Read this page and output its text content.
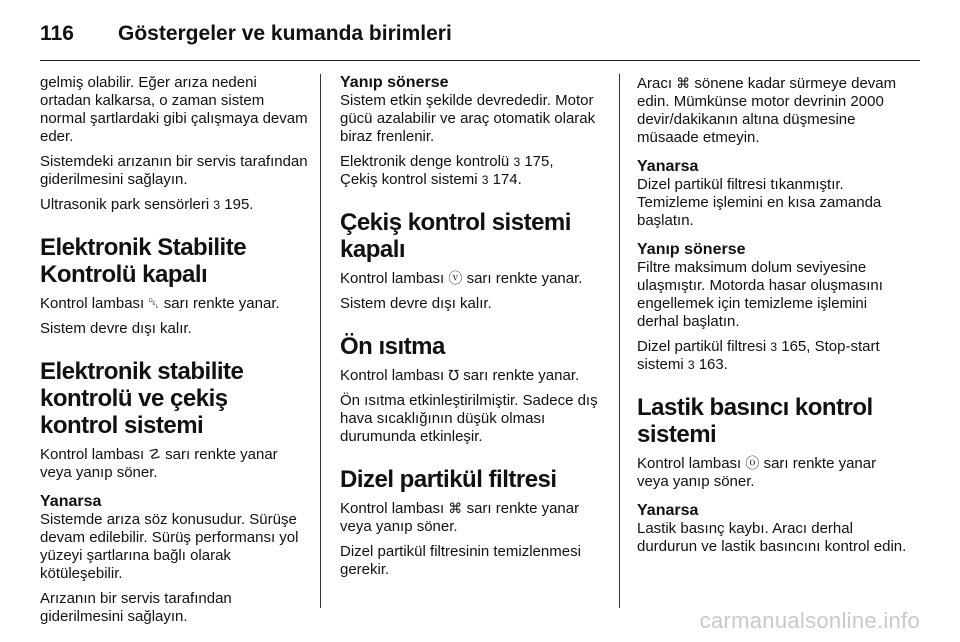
116 Göstergeler ve kumanda birimleri

gelmiş olabilir. Eğer arıza nedeni ortadan kalkarsa, o zaman sistem normal şartlardaki gibi çalışmaya devam eder.

Sistemdeki arızanın bir servis tarafından giderilmesini sağlayın.

Ultrasonik park sensörleri 3 195.

Elektronik Stabilite Kontrolü kapalı

Kontrol lambası ␡ sarı renkte yanar.

Sistem devre dışı kalır.

Elektronik stabilite kontrolü ve çekiş kontrol sistemi

Kontrol lambası ☡ sarı renkte yanar veya yanıp söner.

Yanarsa

Sistemde arıza söz konusudur. Sürüşe devam edilebilir. Sürüş performansı yol yüzeyi şartlarına bağlı olarak kötüleşebilir.

Arızanın bir servis tarafından giderilmesini sağlayın.

Yanıp sönerse

Sistem etkin şekilde devrededir. Motor gücü azalabilir ve araç otomatik olarak biraz frenlenir.

Elektronik denge kontrolü 3 175,
Çekiş kontrol sistemi 3 174.

Çekiş kontrol sistemi kapalı

Kontrol lambası ⓥ sarı renkte yanar.

Sistem devre dışı kalır.

Ön ısıtma

Kontrol lambası ℧ sarı renkte yanar.

Ön ısıtma etkinleştirilmiştir. Sadece dış hava sıcaklığının düşük olması durumunda etkinleşir.

Dizel partikül filtresi

Kontrol lambası ⌘ sarı renkte yanar veya yanıp söner.

Dizel partikül filtresinin temizlenmesi gerekir.

Aracı ⌘ sönene kadar sürmeye devam edin. Mümkünse motor devrinin 2000 devir/dakikanın altına düşmesine müsaade etmeyin.

Yanarsa

Dizel partikül filtresi tıkanmıştır. Temizleme işlemini en kısa zamanda başlatın.

Yanıp sönerse

Filtre maksimum dolum seviyesine ulaşmıştır. Motorda hasar oluşmasını engellemek için temizleme işlemini derhal başlatın.

Dizel partikül filtresi 3 165, Stop-start sistemi 3 163.

Lastik basıncı kontrol sistemi

Kontrol lambası ⓞ sarı renkte yanar veya yanıp söner.

Yanarsa

Lastik basınç kaybı. Aracı derhal durdurun ve lastik basıncını kontrol edin.

carmanualsonline.info
